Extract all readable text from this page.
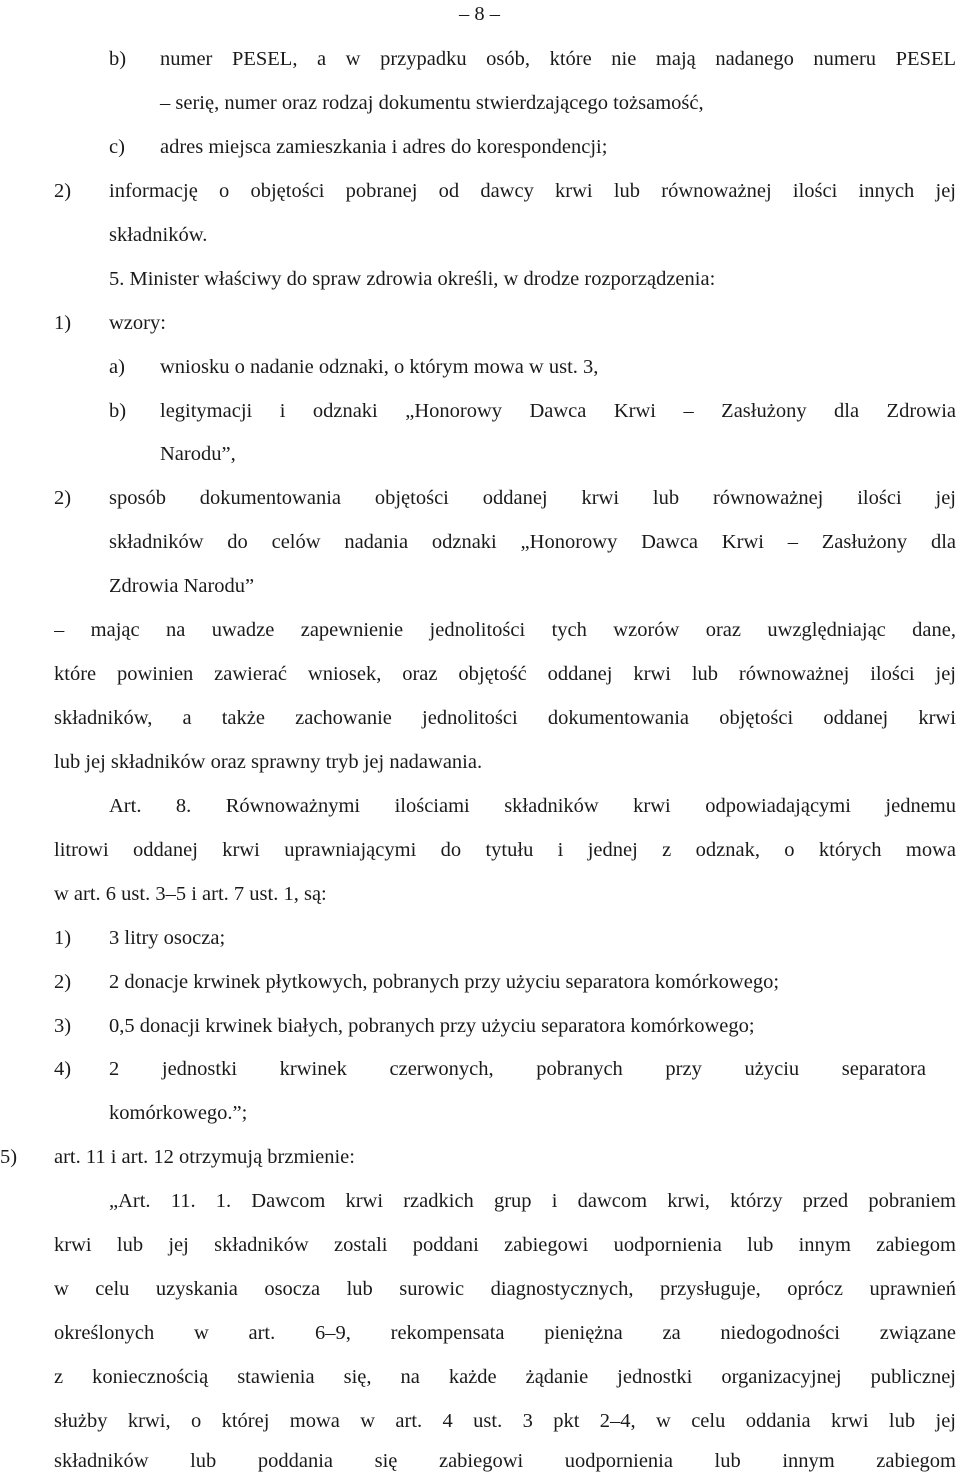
– 8 –
b) numer PESEL, a w przypadku osób, które nie mają nadanego numeru PESEL
– serię, numer oraz rodzaj dokumentu stwierdzającego tożsamość,
c) adres miejsca zamieszkania i adres do korespondencji;
2) informację o objętości pobranej od dawcy krwi lub równoważnej ilości innych jej
składników.
5. Minister właściwy do spraw zdrowia określi, w drodze rozporządzenia:
1) wzory:
a) wniosku o nadanie odznaki, o którym mowa w ust. 3,
b) legitymacji i odznaki „Honorowy Dawca Krwi – Zasłużony dla Zdrowia
Narodu”,
2) sposób dokumentowania objętości oddanej krwi lub równoważnej ilości jej
składników do celów nadania odznaki „Honorowy Dawca Krwi – Zasłużony dla
Zdrowia Narodu”
– mając na uwadze zapewnienie jednolitości tych wzorów oraz uwzględniając dane,
które powinien zawierać wniosek, oraz objętość oddanej krwi lub równoważnej ilości jej
składników, a także zachowanie jednolitości dokumentowania objętości oddanej krwi
lub jej składników oraz sprawny tryb jej nadawania.
Art. 8. Równoważnymi ilościami składników krwi odpowiadającymi jednemu
litrowi oddanej krwi uprawniającymi do tytułu i jednej z odznak, o których mowa
w art. 6 ust. 3–5 i art. 7 ust. 1, są:
1) 3 litry osocza;
2) 2 donacje krwinek płytkowych, pobranych przy użyciu separatora komórkowego;
3) 0,5 donacji krwinek białych, pobranych przy użyciu separatora komórkowego;
4) 2 jednostki krwinek czerwonych, pobranych przy użyciu separatora
komórkowego.”;
5) art. 11 i art. 12 otrzymują brzmienie:
„Art. 11. 1. Dawcom krwi rzadkich grup i dawcom krwi, którzy przed pobraniem
krwi lub jej składników zostali poddani zabiegowi uodpornienia lub innym zabiegom
w celu uzyskania osocza lub surowic diagnostycznych, przysługuje, oprócz uprawnień
określonych w art. 6–9, rekompensata pieniężna za niedogodności związane
z koniecznością stawienia się, na każde żądanie jednostki organizacyjnej publicznej
służby krwi, o której mowa w art. 4 ust. 3 pkt 2–4, w celu oddania krwi lub jej
składników lub poddania się zabiegowi uodpornienia lub innym zabiegom
